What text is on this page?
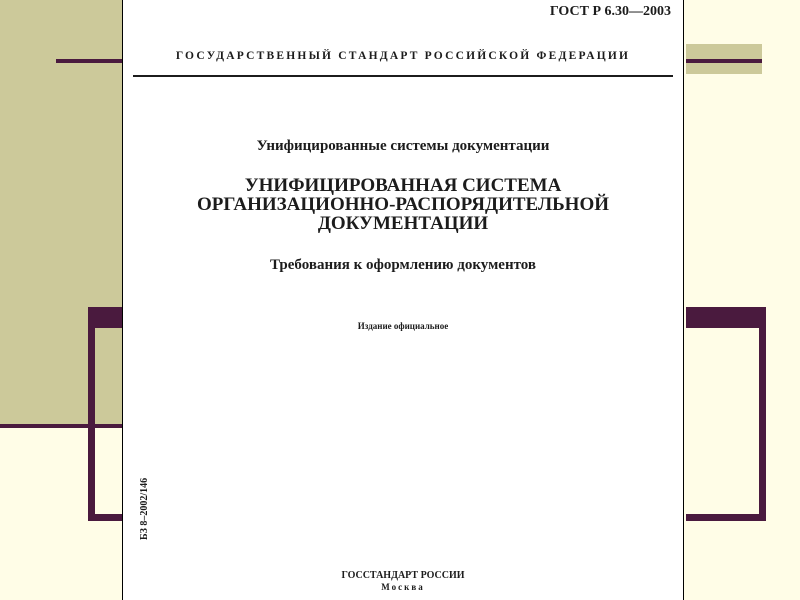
ГОСТ Р 6.30—2003
ГОСУДАРСТВЕННЫЙ СТАНДАРТ РОССИЙСКОЙ ФЕДЕРАЦИИ
Унифицированные системы документации
УНИФИЦИРОВАННАЯ СИСТЕМА
ОРГАНИЗАЦИОННО-РАСПОРЯДИТЕЛЬНОЙ
ДОКУМЕНТАЦИИ
Требования к оформлению документов
Издание официальное
БЗ 8–2002/146
ГОССТАНДАРТ РОССИИ
Москва
